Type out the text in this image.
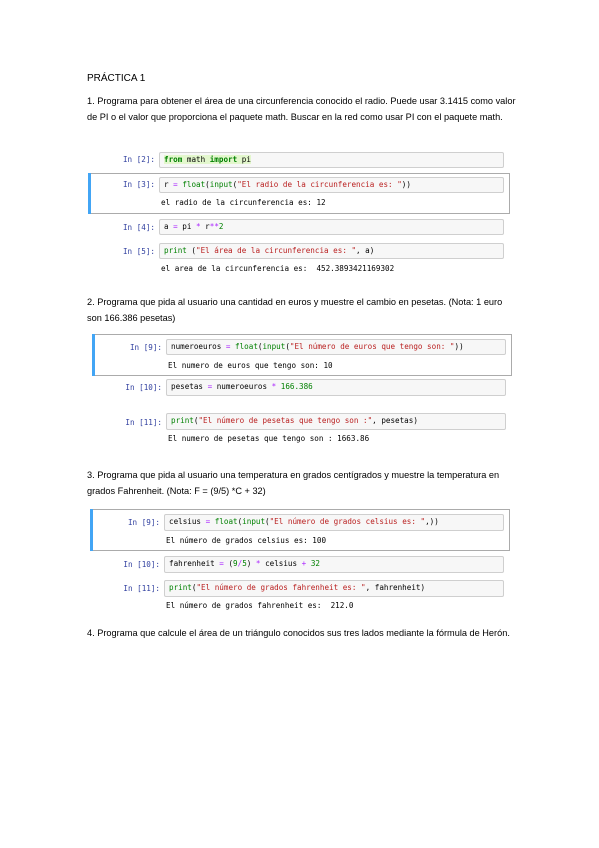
PRÁCTICA 1
1. Programa para obtener el área de una circunferencia conocido el radio. Puede usar 3.1415 como valor de PI o el valor que proporciona el paquete math. Buscar en la red como usar PI con el paquete math.
In [2]:	from math import pi
In [3]:	r = float(input("El radio de la circunferencia es: "))
el radio de la circunferencia es: 12
In [4]:	a = pi * r**2
In [5]:	print ("El área de la circunferencia es: ", a)
el area de la circunferencia es:  452.3893421169302
2. Programa que pida al usuario una cantidad en euros y muestre el cambio en pesetas. (Nota: 1 euro son 166.386 pesetas)
In [9]:	numeroeuros = float(input("El número de euros que tengo son: "))
El numero de euros que tengo son: 10
In [10]:	pesetas = numeroeuros * 166.386
In [11]:	print("El número de pesetas que tengo son :", pesetas)
El numero de pesetas que tengo son : 1663.86
3. Programa que pida al usuario una temperatura en grados centígrados y muestre la temperatura en grados Fahrenheit. (Nota: F = (9/5) *C + 32)
In [9]:	celsius = float(input("El número de grados celsius es: ",))
El número de grados celsius es: 100
In [10]:	fahrenheit = (9/5) * celsius + 32
In [11]:	print("El número de grados fahrenheit es: ", fahrenheit)
El número de grados fahrenheit es:  212.0
4. Programa que calcule el área de un triángulo conocidos sus tres lados mediante la fórmula de Herón.
